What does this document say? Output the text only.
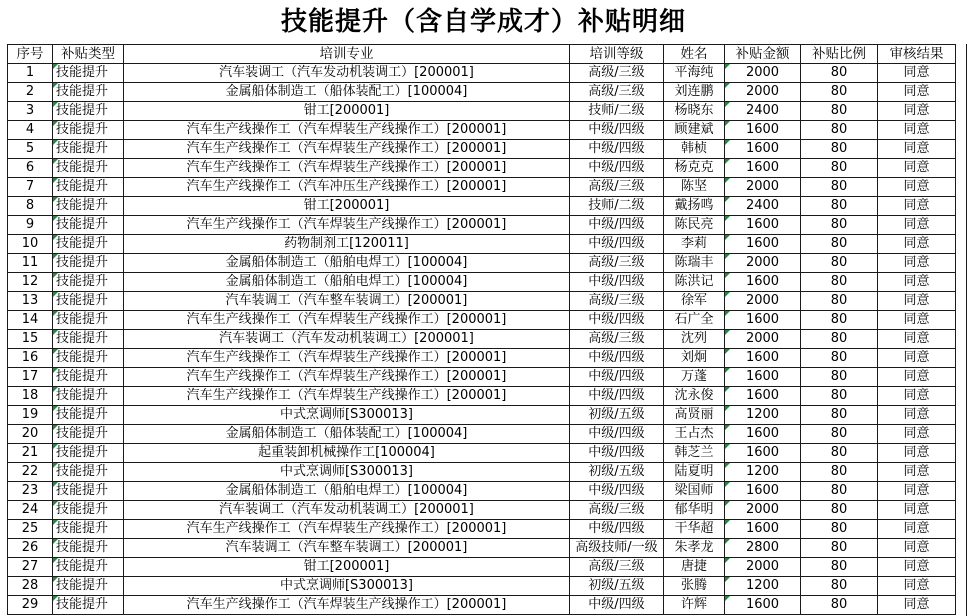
技能提升（含自学成才）补贴明细
序号	补贴类型	培训专业	培训等级	姓名	补贴金额	补贴比例	审核结果
1	技能提升	汽车装调工（汽车发动机装调工）[200001]	高级/三级	平海纯	2000	80	同意
2	技能提升	金属船体制造工（船体装配工）[100004]	高级/三级	刘连鹏	2000	80	同意
3	技能提升	钳工[200001]	技师/二级	杨晓东	2400	80	同意
4	技能提升	汽车生产线操作工（汽车焊装生产线操作工）[200001]	中级/四级	顾建斌	1600	80	同意
5	技能提升	汽车生产线操作工（汽车焊装生产线操作工）[200001]	中级/四级	韩桢	1600	80	同意
6	技能提升	汽车生产线操作工（汽车焊装生产线操作工）[200001]	中级/四级	杨克克	1600	80	同意
7	技能提升	汽车生产线操作工（汽车冲压生产线操作工）[200001]	高级/三级	陈坚	2000	80	同意
8	技能提升	钳工[200001]	技师/二级	戴扬鸣	2400	80	同意
9	技能提升	汽车生产线操作工（汽车焊装生产线操作工）[200001]	中级/四级	陈民亮	1600	80	同意
10	技能提升	药物制剂工[120011]	中级/四级	李莉	1600	80	同意
11	技能提升	金属船体制造工（船舶电焊工）[100004]	高级/三级	陈瑞丰	2000	80	同意
12	技能提升	金属船体制造工（船舶电焊工）[100004]	中级/四级	陈洪记	1600	80	同意
13	技能提升	汽车装调工（汽车整车装调工）[200001]	高级/三级	徐军	2000	80	同意
14	技能提升	汽车生产线操作工（汽车焊装生产线操作工）[200001]	中级/四级	石广全	1600	80	同意
15	技能提升	汽车装调工（汽车发动机装调工）[200001]	高级/三级	沈列	2000	80	同意
16	技能提升	汽车生产线操作工（汽车焊装生产线操作工）[200001]	中级/四级	刘炯	1600	80	同意
17	技能提升	汽车生产线操作工（汽车焊装生产线操作工）[200001]	中级/四级	万蓬	1600	80	同意
18	技能提升	汽车生产线操作工（汽车焊装生产线操作工）[200001]	中级/四级	沈永俊	1600	80	同意
19	技能提升	中式烹调师[S300013]	初级/五级	高贤丽	1200	80	同意
20	技能提升	金属船体制造工（船体装配工）[100004]	中级/四级	王占杰	1600	80	同意
21	技能提升	起重装卸机械操作工[100004]	中级/四级	韩芝兰	1600	80	同意
22	技能提升	中式烹调师[S300013]	初级/五级	陆夏明	1200	80	同意
23	技能提升	金属船体制造工（船舶电焊工）[100004]	中级/四级	梁国师	1600	80	同意
24	技能提升	汽车装调工（汽车发动机装调工）[200001]	高级/三级	郁华明	2000	80	同意
25	技能提升	汽车生产线操作工（汽车焊装生产线操作工）[200001]	中级/四级	干华超	1600	80	同意
26	技能提升	汽车装调工（汽车整车装调工）[200001]	高级技师/一级	朱孝龙	2800	80	同意
27	技能提升	钳工[200001]	高级/三级	唐捷	2000	80	同意
28	技能提升	中式烹调师[S300013]	初级/五级	张腾	1200	80	同意
29	技能提升	汽车生产线操作工（汽车焊装生产线操作工）[200001]	中级/四级	许辉	1600	80	同意
